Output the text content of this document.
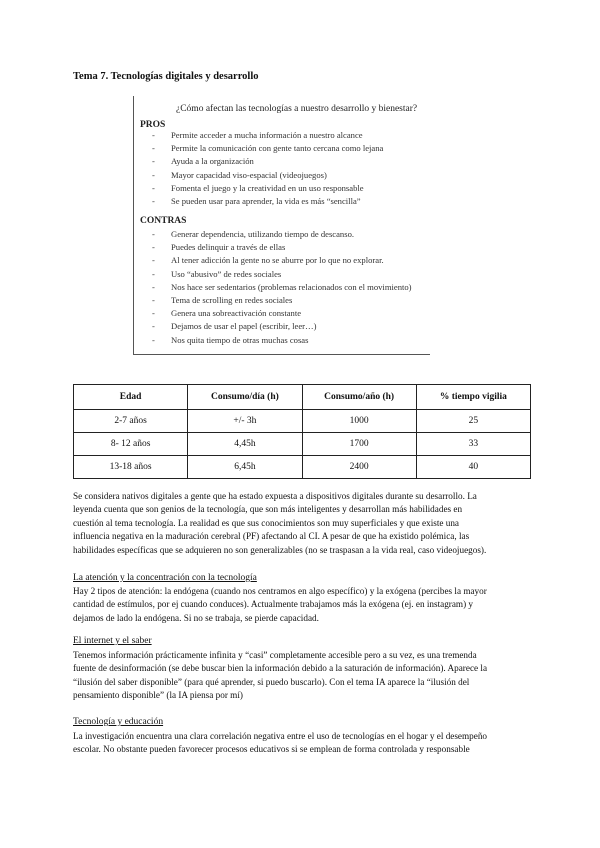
Tema 7. Tecnologías digitales y desarrollo
¿Cómo afectan las tecnologías a nuestro desarrollo y bienestar?
PROS
- Permite acceder a mucha información a nuestro alcance
- Permite la comunicación con gente tanto cercana como lejana
- Ayuda a la organización
- Mayor capacidad viso-espacial (videojuegos)
- Fomenta el juego y la creatividad en un uso responsable
- Se pueden usar para aprender, la vida es más “sencilla”
CONTRAS
- Generar dependencia, utilizando tiempo de descanso.
- Puedes delinquir a través de ellas
- Al tener adicción la gente no se aburre por lo que no explorar.
- Uso “abusivo” de redes sociales
- Nos hace ser sedentarios (problemas relacionados con el movimiento)
- Tema de scrolling en redes sociales
- Genera una sobreactivación constante
- Dejamos de usar el papel (escribir, leer…)
- Nos quita tiempo de otras muchas cosas
Edad	Consumo/día (h)	Consumo/año (h)	% tiempo vigilia
2-7 años	+/- 3h	1000	25
8- 12 años	4,45h	1700	33
13-18 años	6,45h	2400	40
Se considera nativos digitales a gente que ha estado expuesta a dispositivos digitales durante su desarrollo. La
leyenda cuenta que son genios de la tecnología, que son más inteligentes y desarrollan más habilidades en
cuestión al tema tecnología. La realidad es que sus conocimientos son muy superficiales y que existe una
influencia negativa en la maduración cerebral (PF) afectando al CI. A pesar de que ha existido polémica, las
habilidades específicas que se adquieren no son generalizables (no se traspasan a la vida real, caso videojuegos).
La atención y la concentración con la tecnología
Hay 2 tipos de atención: la endógena (cuando nos centramos en algo específico) y la exógena (percibes la mayor
cantidad de estímulos, por ej cuando conduces). Actualmente trabajamos más la exógena (ej. en instagram) y
dejamos de lado la endógena. Si no se trabaja, se pierde capacidad.
El internet y el saber
Tenemos información prácticamente infinita y “casi” completamente accesible pero a su vez, es una tremenda
fuente de desinformación (se debe buscar bien la información debido a la saturación de información). Aparece la
“ilusión del saber disponible” (para qué aprender, si puedo buscarlo). Con el tema IA aparece la “ilusión del
pensamiento disponible” (la IA piensa por mí)
Tecnología y educación
La investigación encuentra una clara correlación negativa entre el uso de tecnologías en el hogar y el desempeño
escolar. No obstante pueden favorecer procesos educativos si se emplean de forma controlada y responsable
